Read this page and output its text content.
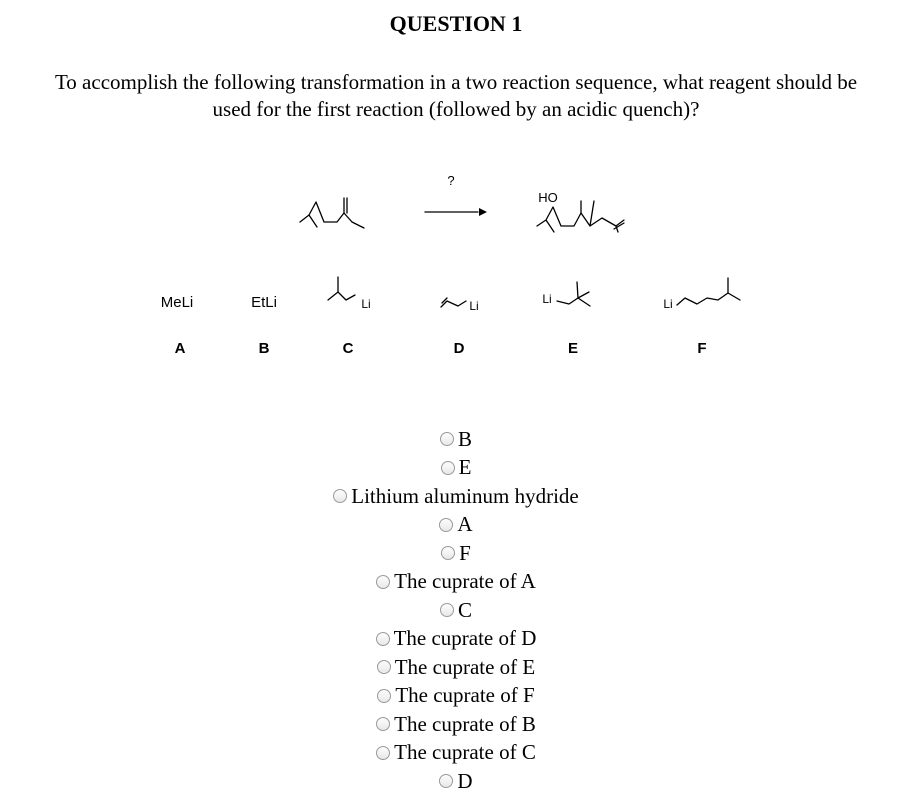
QUESTION 1
To accomplish the following transformation in a two reaction sequence, what reagent should be
used for the first reaction (followed by an acidic quench)?
?
HO
MeLi	EtLi	Li	Li	Li	Li
A	B	C	D	E	F
B
E
Lithium aluminum hydride
A
F
The cuprate of A
C
The cuprate of D
The cuprate of E
The cuprate of F
The cuprate of B
The cuprate of C
D
